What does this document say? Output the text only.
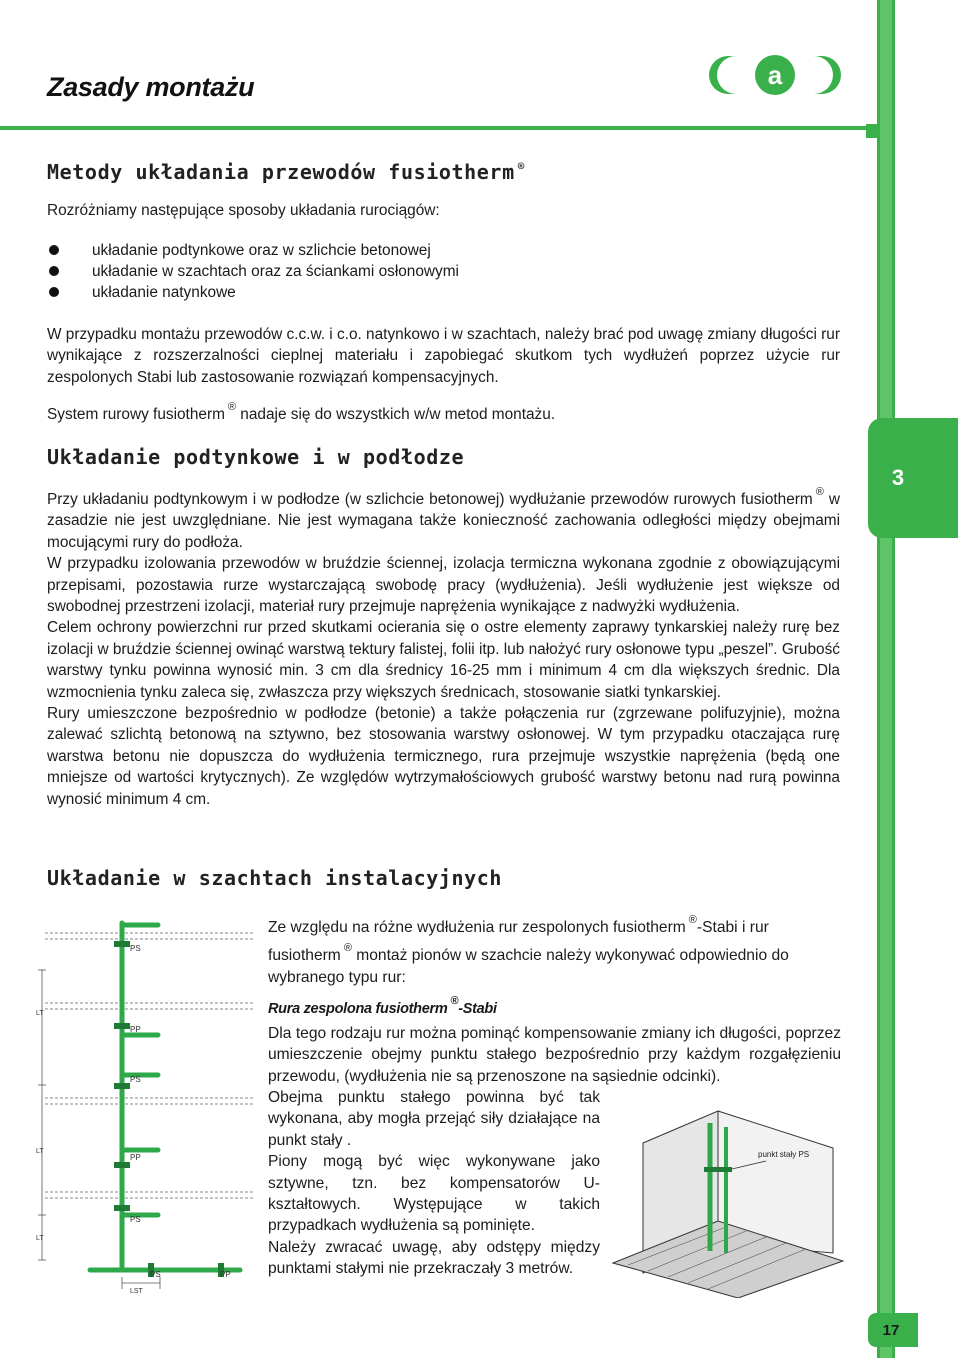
3
17
Zasady montażu	a
Metody układania przewodów fusiotherm ®

Rozróżniamy następujące sposoby układania rurociągów:

układanie podtynkowe oraz w szlichcie betonowej
układanie w szachtach oraz za ściankami osłonowymi
układanie natynkowe

W przypadku montażu przewodów c.c.w. i c.o. natynkowo i w szachtach, należy brać pod uwagę zmiany długości rur wynikające z rozszerzalności cieplnej materiału i zapobiegać skutkom tych wydłużeń poprzez użycie rur zespolonych Stabi lub zastosowanie rozwiązań kompensacyjnych.

System rurowy fusiotherm ® nadaje się do wszystkich w/w metod montażu.

Układanie podtynkowe i w podłodze

Przy układaniu podtynkowym i w podłodze (w szlichcie betonowej) wydłużanie przewodów rurowych fusiotherm ® w zasadzie nie jest uwzględniane. Nie jest wymagana także konieczność zachowania odległości między obejmami mocującymi rury do podłoża.

W przypadku izolowania przewodów w bruździe ściennej, izolacja termiczna wykonana zgodnie z obowiązującymi przepisami, pozostawia rurze wystarczającą swobodę pracy (wydłużenia). Jeśli wydłużenie jest większe od swobodnej przestrzeni izolacji, materiał rury przejmuje naprężenia wynikające z nadwyżki wydłużenia.

Celem ochrony powierzchni rur przed skutkami ocierania się o ostre elementy zaprawy tynkarskiej należy rurę bez izolacji w bruździe ściennej owinąć warstwą tektury falistej, folii itp. lub nałożyć rury osłonowe typu „peszel”. Grubość warstwy tynku powinna wynosić min. 3 cm dla średnicy 16-25 mm i minimum 4 cm dla większych średnic. Dla wzmocnienia tynku zaleca się, zwłaszcza przy większych średnicach, stosowanie siatki tynkarskiej.

Rury umieszczone bezpośrednio w podłodze (betonie) a także połączenia rur (zgrzewane polifuzyjnie), można zalewać szlichtą betonową na sztywno, bez stosowania warstwy osłonowej. W tym przypadku otaczająca rurę warstwa betonu nie dopuszcza do wydłużenia termicznego, rura przejmuje wszystkie naprężenia (będą one mniejsze od wartości krytycznych). Ze względów wytrzymałościowych grubość warstwy betonu nad rurą powinna wynosić minimum 4 cm.

Układanie w szachtach instalacyjnych

Ze względu na różne wydłużenia rur zespolonych fusiotherm ®-Stabi i rur fusiotherm ® montaż pionów w szachcie należy wykonywać odpowiednio do wybranego typu rur:

Rura zespolona fusiotherm ®-Stabi

Dla tego rodzaju rur można pominąć kompensowanie zmiany ich długości, poprzez umieszczenie obejmy punktu stałego bezpośrednio przy każdym rozgałęzieniu przewodu, (wydłużenia nie są przenoszone na sąsiednie odcinki).

Obejma punktu stałego powinna być tak wykonana, aby mogła przejąć siły działające na punkt stały .

Piony mogą być więc wykonywane jako sztywne, tzn. bez kompensatorów U-kształtowych. Występujące w takich przypadkach wydłużenia są pominięte.

Należy zwracać uwagę, aby odstępy między punktami stałymi nie przekraczały 3 metrów.

LT
LT
LT
LST
PS
PP
PS
PP
PS
PS	PP
punkt stały PS
